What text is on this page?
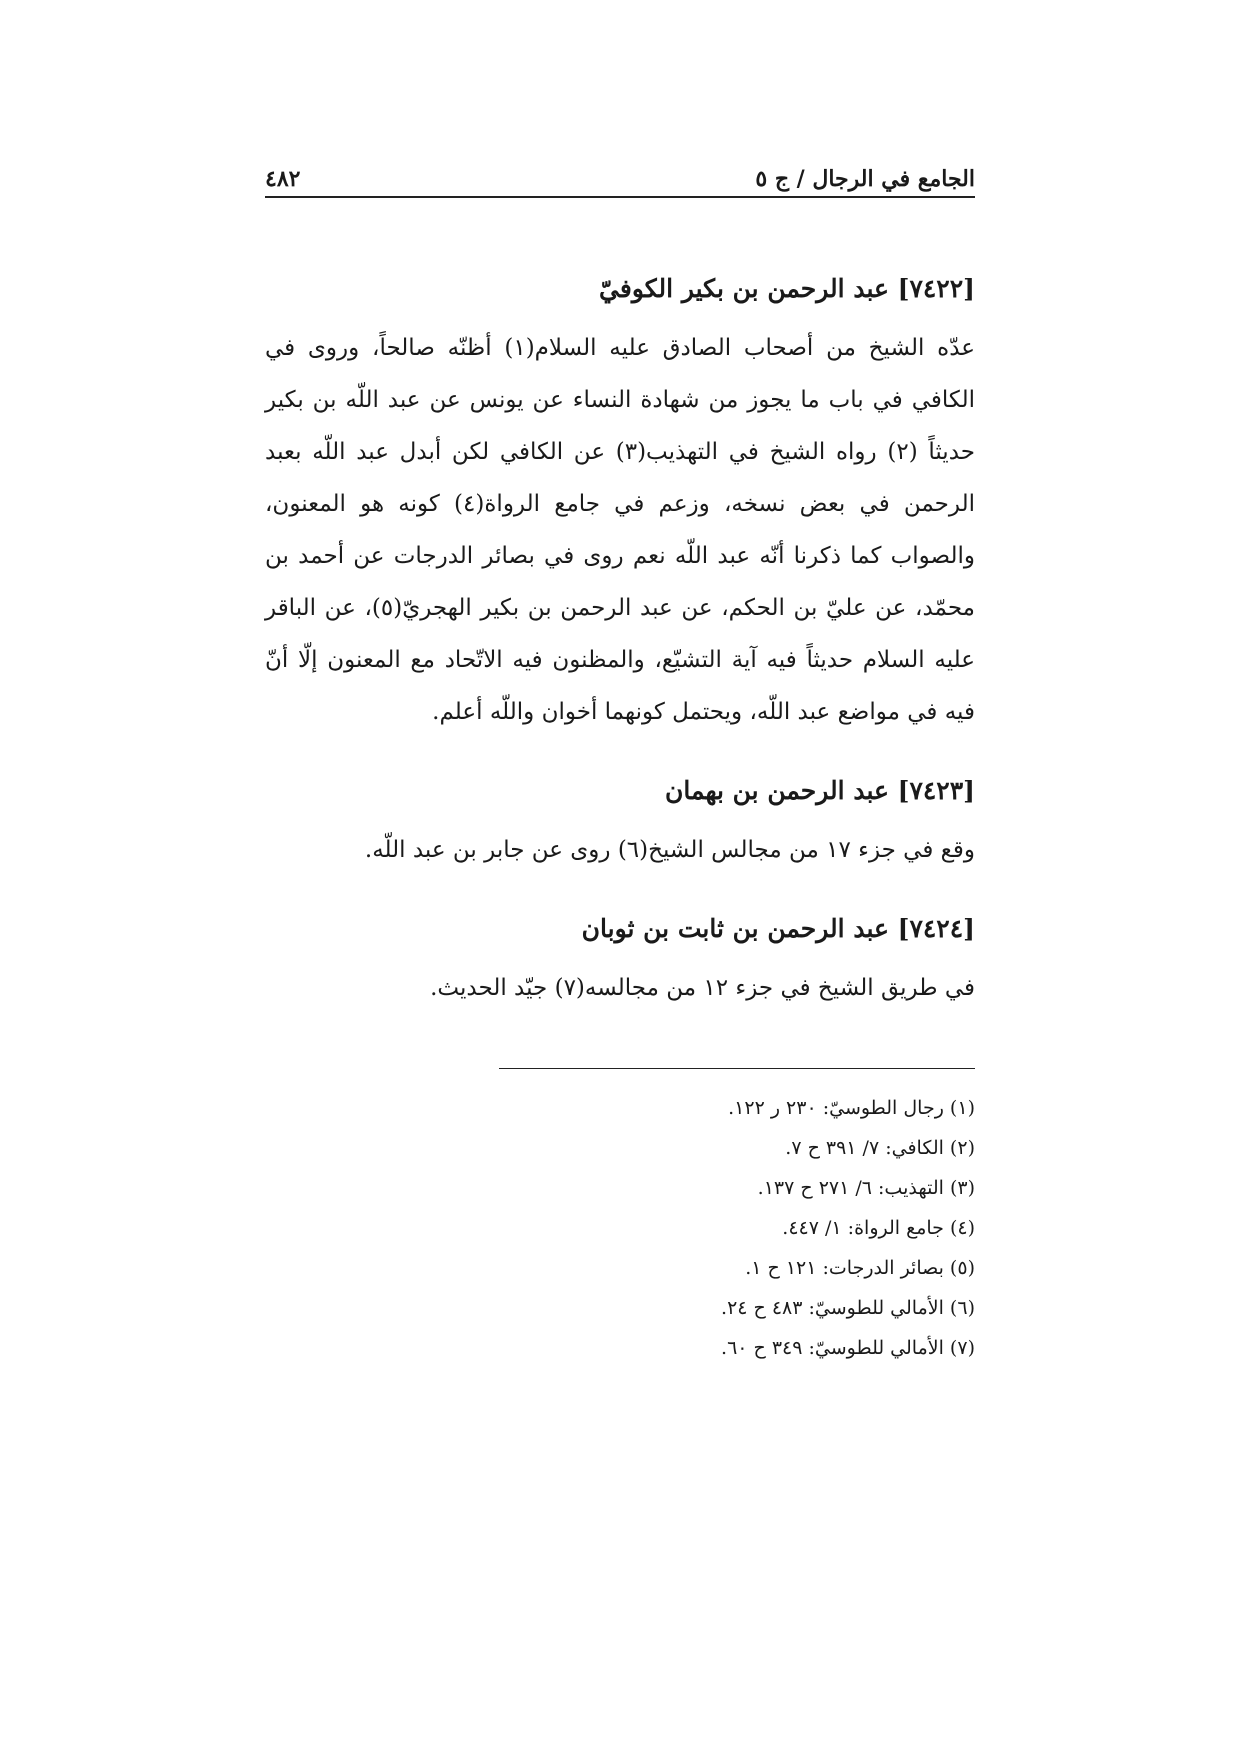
الجامع في الرجال / ج ٥
٤٨٢
[٧٤٢٢] عبد الرحمن بن بكير الكوفيّ

عدّه الشيخ من أصحاب الصادق عليه السلام(١) أظنّه صالحاً، وروى في الكافي في باب ما يجوز من شهادة النساء عن يونس عن عبد اللّه بن بكير حديثاً (٢) رواه الشيخ في التهذيب(٣) عن الكافي لكن أبدل عبد اللّه بعبد الرحمن في بعض نسخه، وزعم في جامع الرواة(٤) كونه هو المعنون، والصواب كما ذكرنا أنّه عبد اللّه نعم روى في بصائر الدرجات عن أحمد بن محمّد، عن عليّ بن الحكم، عن عبد الرحمن بن بكير الهجريّ(٥)، عن الباقر عليه السلام حديثاً فيه آية التشيّع، والمظنون فيه الاتّحاد مع المعنون إلّا أنّ فيه في مواضع عبد اللّه، ويحتمل كونهما أخوان واللّه أعلم.

[٧٤٢٣] عبد الرحمن بن بهمان

وقع في جزء ١٧ من مجالس الشيخ(٦) روى عن جابر بن عبد اللّه.

[٧٤٢٤] عبد الرحمن بن ثابت بن ثوبان

في طريق الشيخ في جزء ١٢ من مجالسه(٧) جيّد الحديث.

(١) رجال الطوسيّ: ٢٣٠ ر ١٢٢.
(٢) الكافي: ٧/ ٣٩١ ح ٧.
(٣) التهذيب: ٦/ ٢٧١ ح ١٣٧.
(٤) جامع الرواة: ١/ ٤٤٧.
(٥) بصائر الدرجات: ١٢١ ح ١.
(٦) الأمالي للطوسيّ: ٤٨٣ ح ٢٤.
(٧) الأمالي للطوسيّ: ٣٤٩ ح ٦٠.
